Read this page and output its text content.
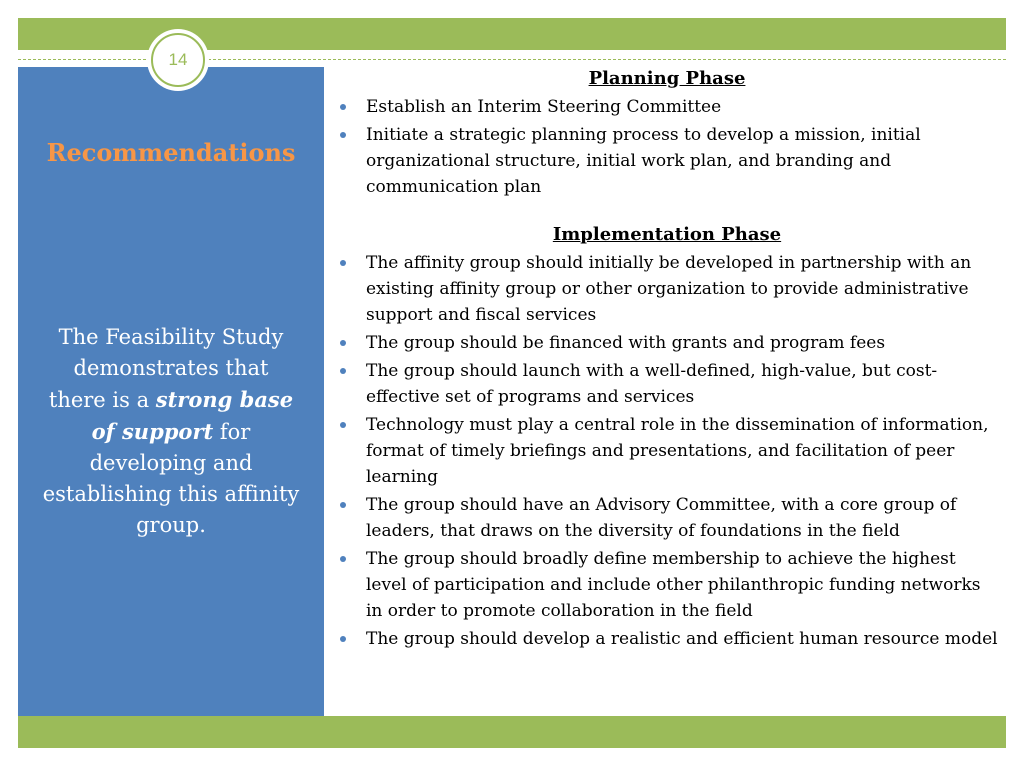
14
Recommendations
The Feasibility Study demonstrates that there is a strong base of support for developing and establishing this affinity group.

Planning Phase

Establish an Interim Steering Committee
Initiate a strategic planning process to develop a mission, initial organizational structure, initial work plan, and branding and communication plan

Implementation Phase

The affinity group should initially be developed in partnership with an existing affinity group or other organization to provide administrative support and fiscal services
The group should be financed with grants and program fees
The group should launch with a well-defined, high-value, but cost-effective set of programs and services
Technology must play a central role in the dissemination of information, format of timely briefings and presentations, and facilitation of peer learning
The group should have an Advisory Committee, with a core group of leaders, that draws on the diversity of foundations in the field
The group should broadly define membership to achieve the highest level of participation and include other philanthropic funding networks in order to promote collaboration in the field
The group should develop a realistic and efficient human resource model
